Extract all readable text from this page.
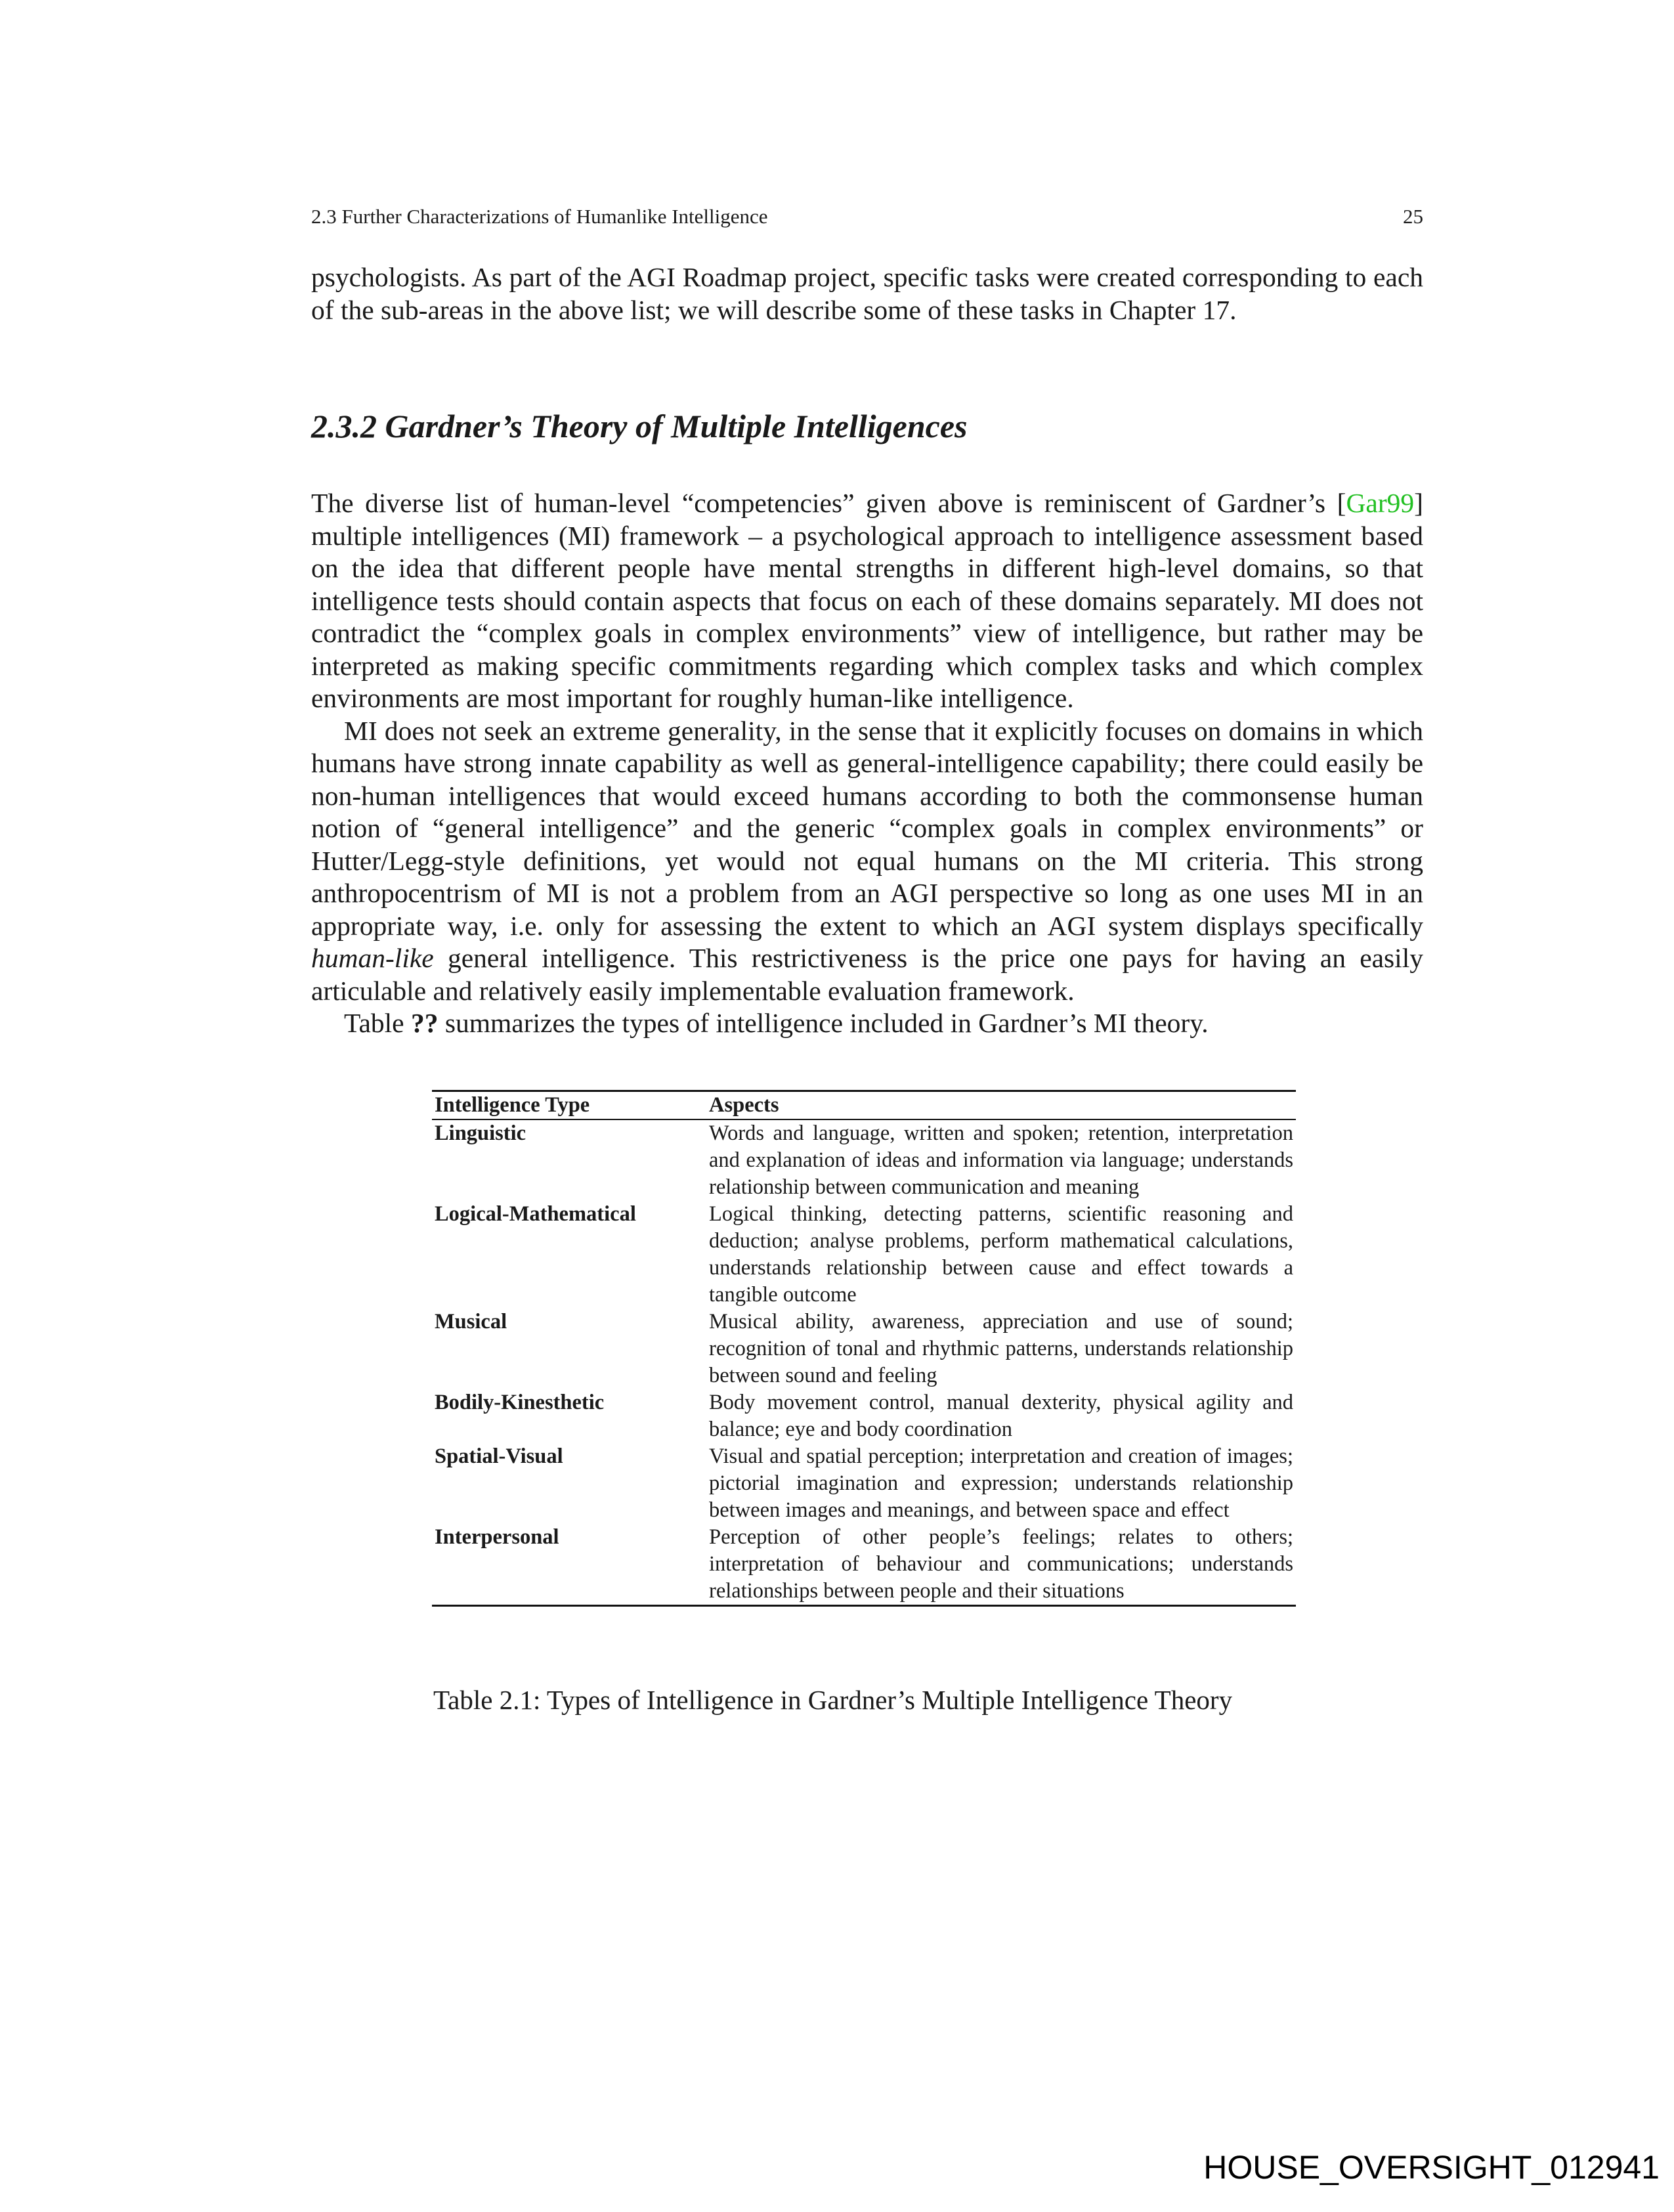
2.3 Further Characterizations of Humanlike Intelligence	25

psychologists. As part of the AGI Roadmap project, specific tasks were created corresponding to each of the sub-areas in the above list; we will describe some of these tasks in Chapter 17.

2.3.2 Gardner’s Theory of Multiple Intelligences

The diverse list of human-level “competencies” given above is reminiscent of Gardner’s [Gar99] multiple intelligences (MI) framework – a psychological approach to intelligence assessment based on the idea that different people have mental strengths in different high-level domains, so that intelligence tests should contain aspects that focus on each of these domains separately. MI does not contradict the “complex goals in complex environments” view of intelligence, but rather may be interpreted as making specific commitments regarding which complex tasks and which complex environments are most important for roughly human-like intelligence.

MI does not seek an extreme generality, in the sense that it explicitly focuses on domains in which humans have strong innate capability as well as general-intelligence capability; there could easily be non-human intelligences that would exceed humans according to both the commonsense human notion of “general intelligence” and the generic “complex goals in complex environments” or Hutter/Legg-style definitions, yet would not equal humans on the MI criteria. This strong anthropocentrism of MI is not a problem from an AGI perspective so long as one uses MI in an appropriate way, i.e. only for assessing the extent to which an AGI system displays specifically human-like general intelligence. This restrictiveness is the price one pays for having an easily articulable and relatively easily implementable evaluation framework.

Table ?? summarizes the types of intelligence included in Gardner’s MI theory.

Intelligence Type	Aspects
Linguistic	Words and language, written and spoken; retention, interpretation and explanation of ideas and information via language; understands relationship between communication and meaning
Logical-Mathematical	Logical thinking, detecting patterns, scientific reasoning and deduction; analyse problems, perform mathematical calculations, understands relationship between cause and effect towards a tangible outcome
Musical	Musical ability, awareness, appreciation and use of sound; recognition of tonal and rhythmic patterns, understands relationship between sound and feeling
Bodily-Kinesthetic	Body movement control, manual dexterity, physical agility and balance; eye and body coordination
Spatial-Visual	Visual and spatial perception; interpretation and creation of images; pictorial imagination and expression; understands relationship between images and meanings, and between space and effect
Interpersonal	Perception of other people’s feelings; relates to others; interpretation of behaviour and communications; understands relationships between people and their situations
Table 2.1: Types of Intelligence in Gardner’s Multiple Intelligence Theory
HOUSE_OVERSIGHT_012941
